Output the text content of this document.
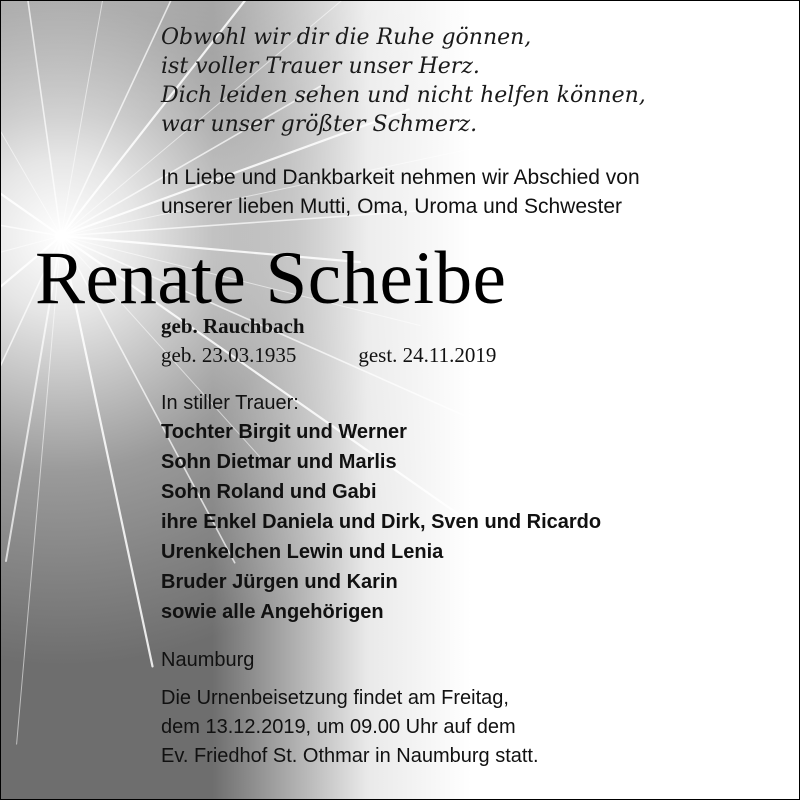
Obwohl wir dir die Ruhe gönnen,
ist voller Trauer unser Herz.
Dich leiden sehen und nicht helfen können,
war unser größter Schmerz.
In Liebe und Dankbarkeit nehmen wir Abschied von
unserer lieben Mutti, Oma, Uroma und Schwester
Renate Scheibe
geb. Rauchbach
geb. 23.03.1935	gest. 24.11.2019
In stiller Trauer:
Tochter Birgit und Werner
Sohn Dietmar und Marlis
Sohn Roland und Gabi
ihre Enkel Daniela und Dirk, Sven und Ricardo
Urenkelchen Lewin und Lenia
Bruder Jürgen und Karin
sowie alle Angehörigen
Naumburg
Die Urnenbeisetzung findet am Freitag,
dem 13.12.2019, um 09.00 Uhr auf dem
Ev. Friedhof St. Othmar in Naumburg statt.
